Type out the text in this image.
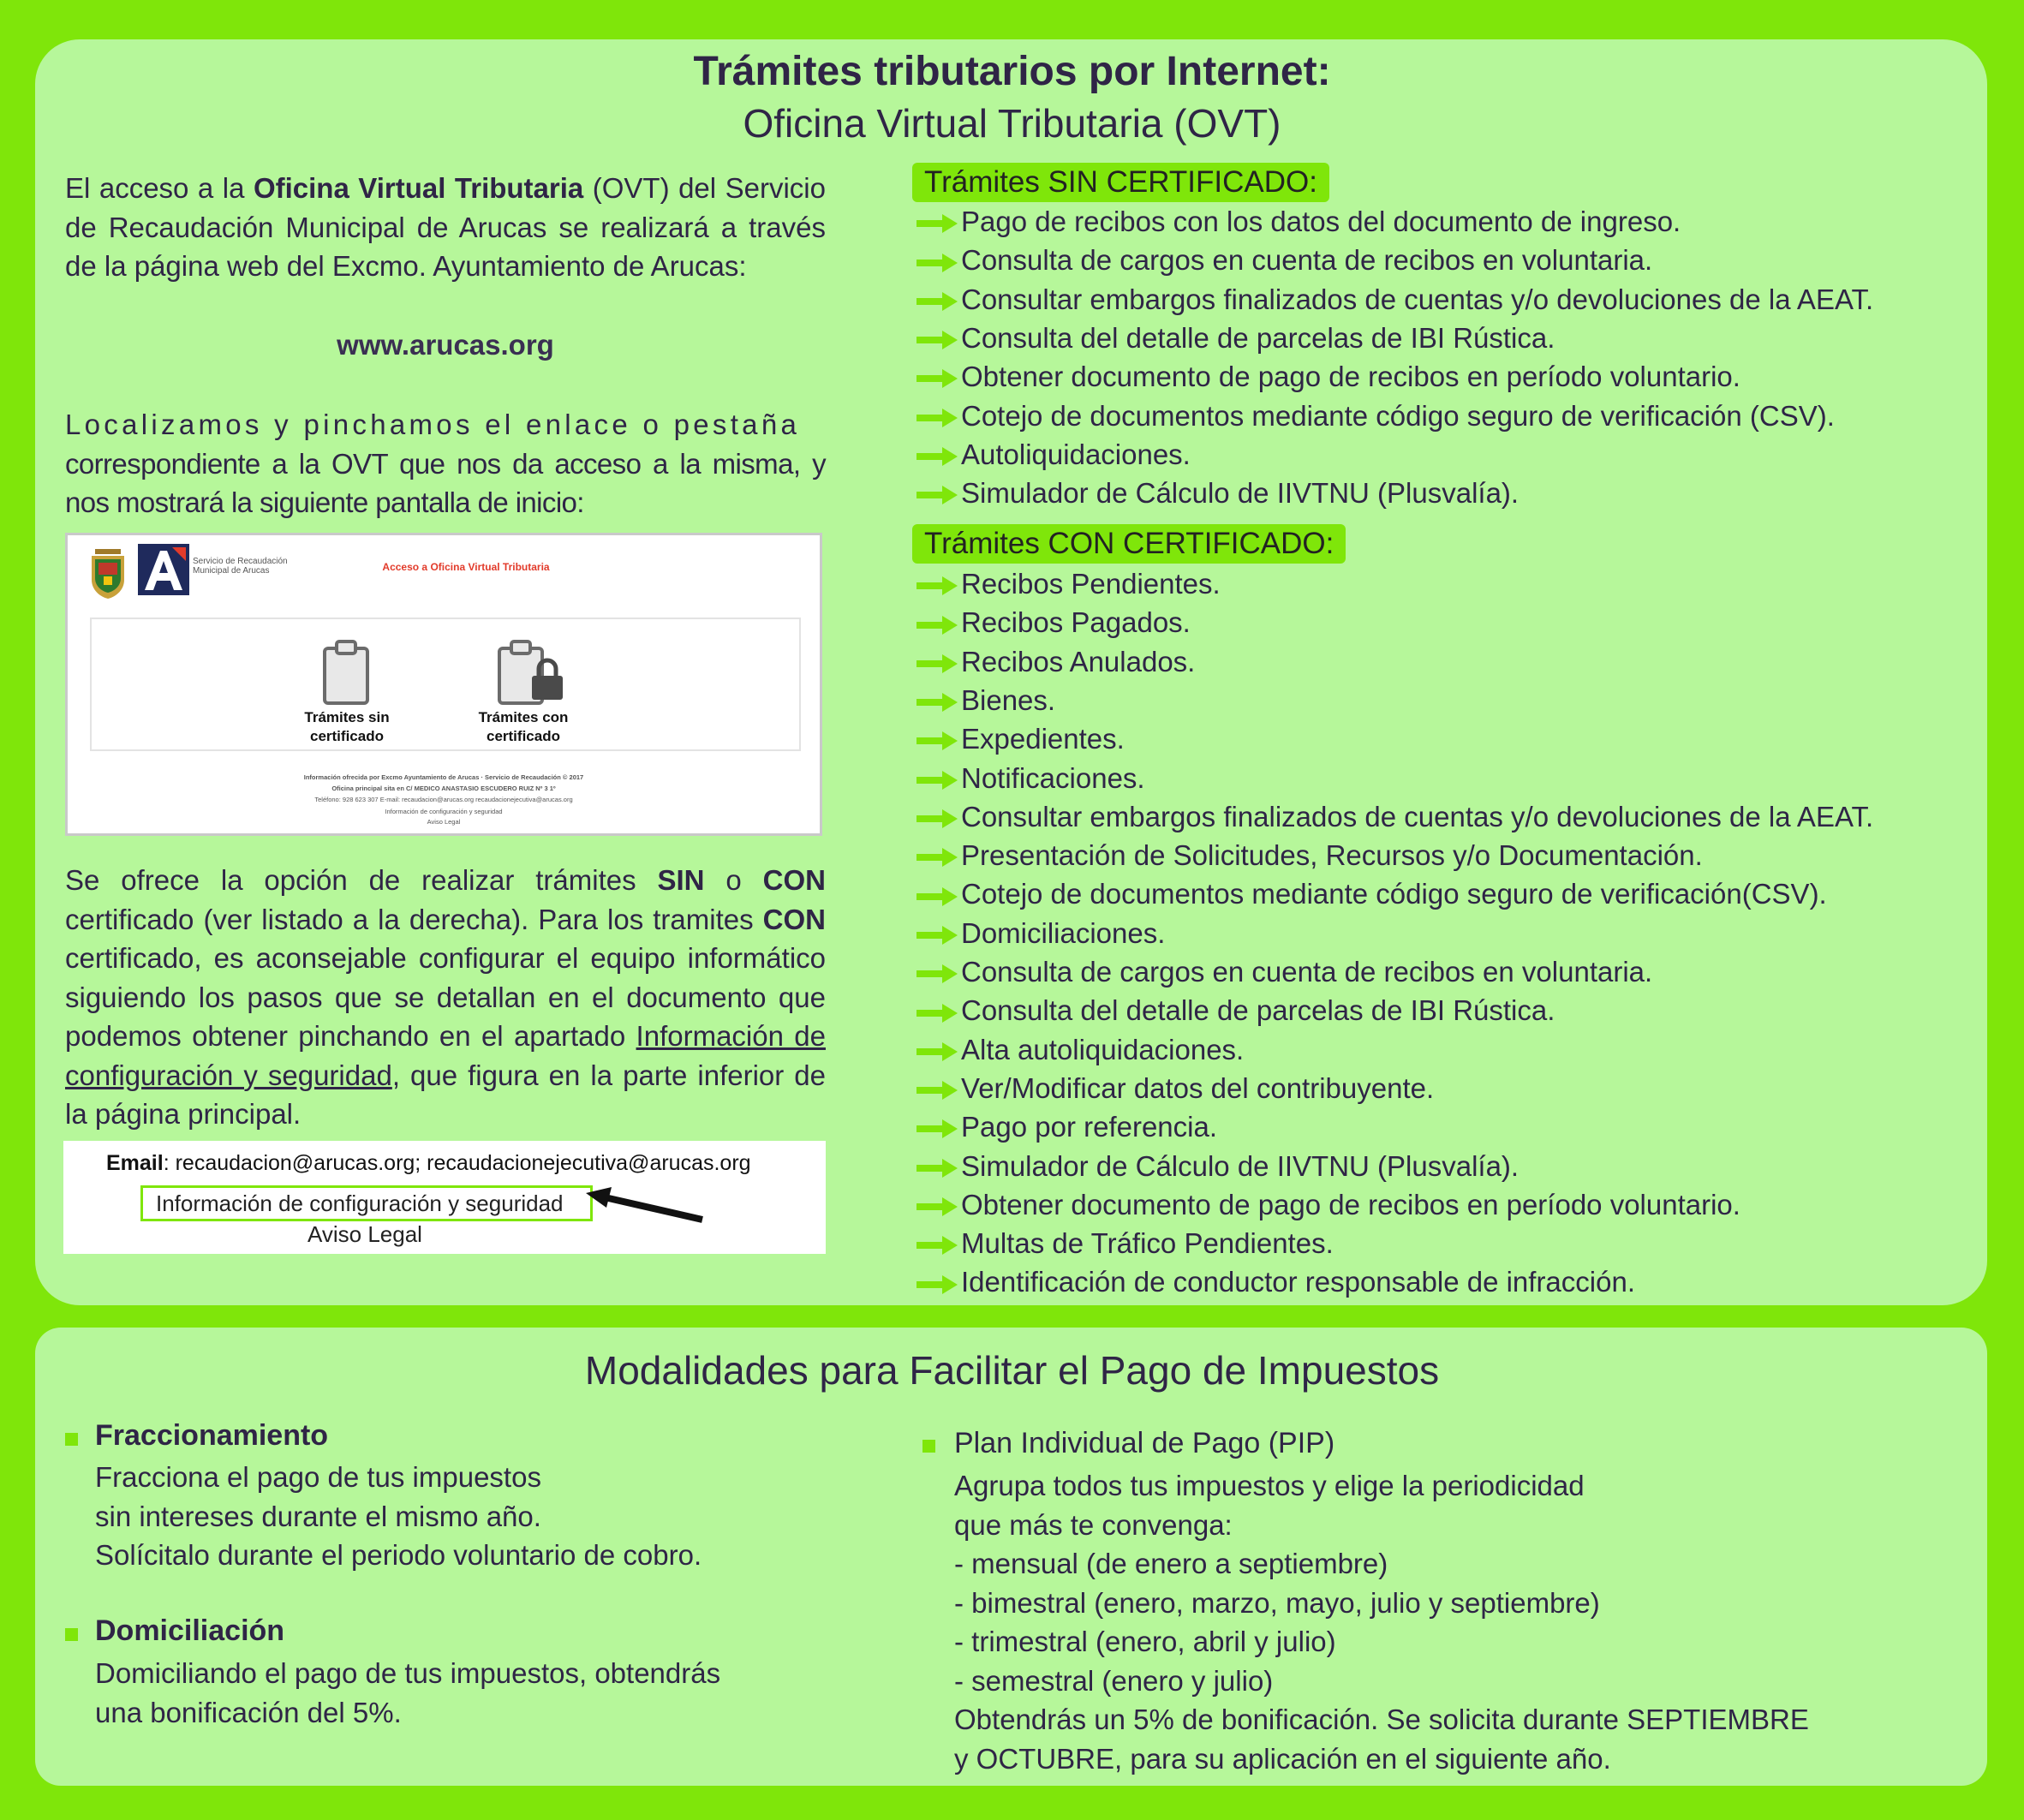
Trámites tributarios por Internet:
Oficina Virtual Tributaria (OVT)
El acceso a la Oficina Virtual Tributaria (OVT) del Servicio de Recaudación Municipal de Arucas se realizará a través de la página web del Excmo. Ayuntamiento de Arucas:
www.arucas.org
Localizamos y pinchamos el enlace o pestaña
correspondiente a la OVT que nos da acceso a la misma, y nos mostrará la siguiente pantalla de inicio:
Servicio de Recaudación
Municipal de Arucas	Acceso a Oficina Virtual Tributaria
Trámites sin certificado
Trámites con certificado
Información ofrecida por Excmo Ayuntamiento de Arucas · Servicio de Recaudación © 2017
Oficina principal sita en C/ MEDICO ANASTASIO ESCUDERO RUIZ Nº 3 1º
Teléfono: 928 623 307 E-mail: recaudacion@arucas.org recaudacionejecutiva@arucas.org
Información de configuración y seguridad
Aviso Legal
Se ofrece la opción de realizar trámites SIN o CON certificado (ver listado a la derecha). Para los tramites CON certificado, es aconsejable configurar el equipo informático siguiendo los pasos que se detallan en el documento que podemos obtener pinchando en el apartado Información de configuración y seguridad, que figura en la parte inferior de la página principal.
Email: recaudacion@arucas.org; recaudacionejecutiva@arucas.org
Información de configuración y seguridad
Aviso Legal
Trámites SIN CERTIFICADO:
Pago de recibos con los datos del documento de ingreso.
Consulta de cargos en cuenta de recibos en voluntaria.
Consultar embargos finalizados de cuentas y/o devoluciones de la AEAT.
Consulta del detalle de parcelas de IBI Rústica.
Obtener documento de pago de recibos en período voluntario.
Cotejo de documentos mediante código seguro de verificación (CSV).
Autoliquidaciones.
Simulador de Cálculo de IIVTNU (Plusvalía).
Trámites CON CERTIFICADO:
Recibos Pendientes.
Recibos Pagados.
Recibos Anulados.
Bienes.
Expedientes.
Notificaciones.
Consultar embargos finalizados de cuentas y/o devoluciones de la AEAT.
Presentación de Solicitudes, Recursos y/o Documentación.
Cotejo de documentos mediante código seguro de verificación(CSV).
Domiciliaciones.
Consulta de cargos en cuenta de recibos en voluntaria.
Consulta del detalle de parcelas de IBI Rústica.
Alta autoliquidaciones.
Ver/Modificar datos del contribuyente.
Pago por referencia.
Simulador de Cálculo de IIVTNU (Plusvalía).
Obtener documento de pago de recibos en período voluntario.
Multas de Tráfico Pendientes.
Identificación de conductor responsable de infracción.
Modalidades para Facilitar el Pago de Impuestos
Fraccionamiento
Fracciona el pago de tus impuestos
sin intereses durante el mismo año.
Solícitalo durante el periodo voluntario de cobro.
Domiciliación
Domiciliando el pago de tus impuestos, obtendrás
una bonificación del 5%.
Plan Individual de Pago (PIP)
Agrupa todos tus impuestos y elige la periodicidad
que más te convenga:
- mensual (de enero a septiembre)
- bimestral (enero, marzo, mayo, julio y septiembre)
- trimestral (enero, abril y julio)
- semestral (enero y julio)
Obtendrás un 5% de bonificación. Se solicita durante SEPTIEMBRE
y OCTUBRE, para su aplicación en el siguiente año.
